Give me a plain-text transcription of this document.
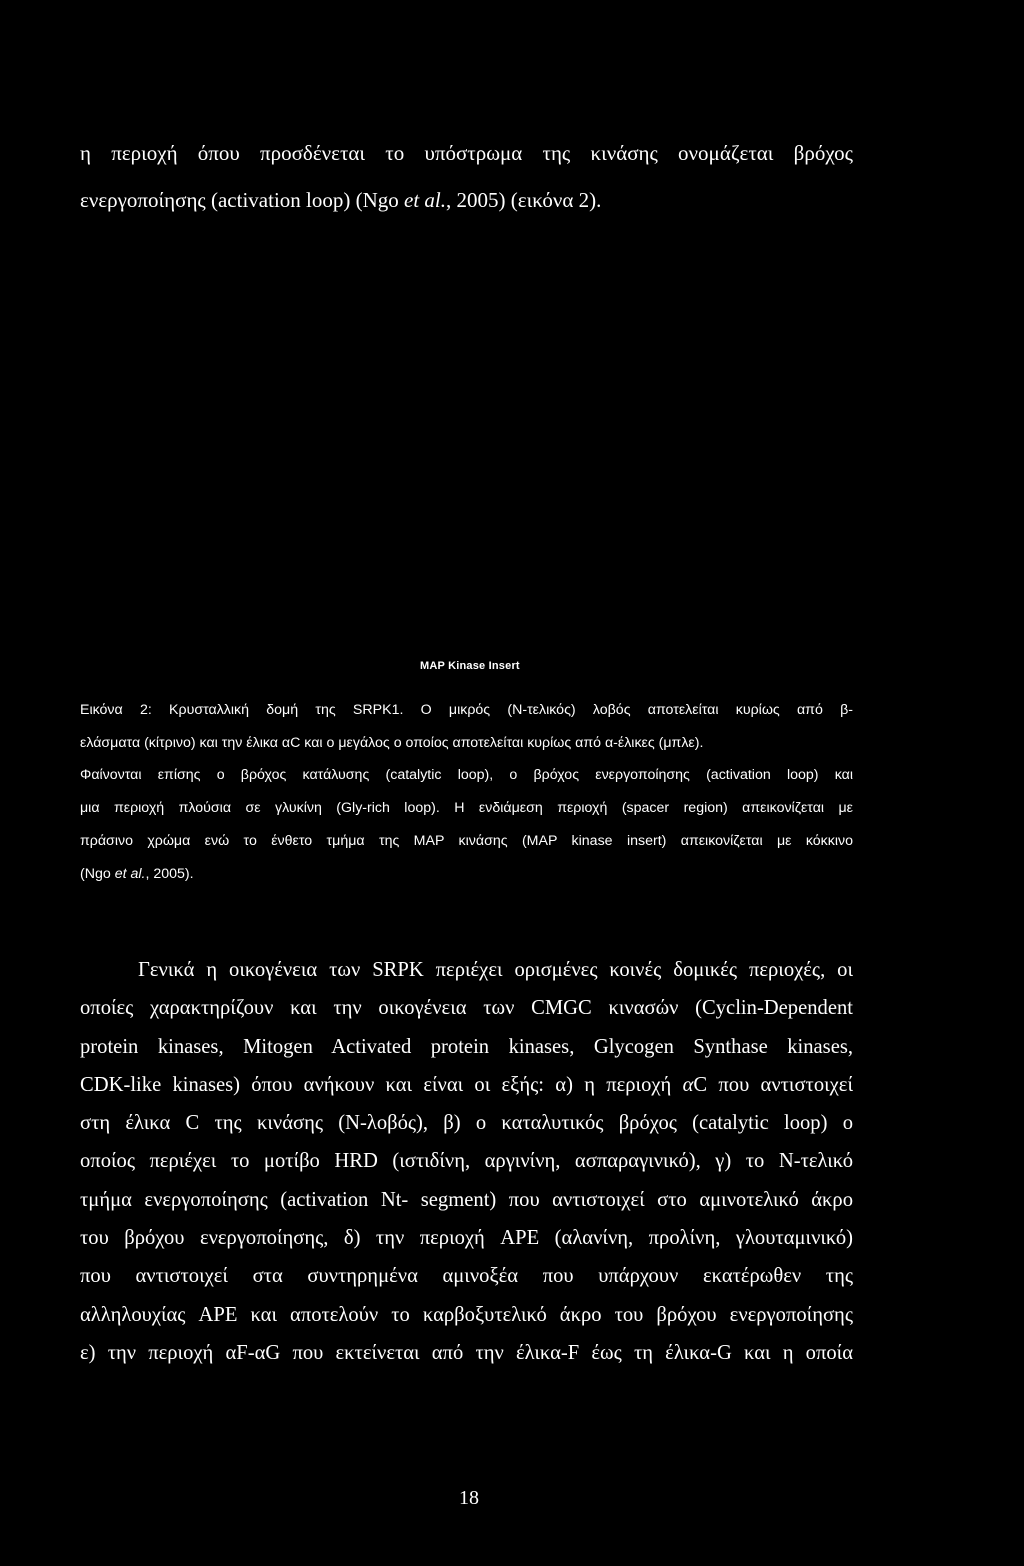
η περιοχή όπου προσδένεται το υπόστρωμα της κινάσης ονομάζεται βρόχος
ενεργοποίησης (activation loop) (Ngo et al., 2005) (εικόνα 2).
MAP Kinase Insert
Εικόνα 2: Κρυσταλλική δομή της SRPK1. Ο μικρός (N-τελικός) λοβός αποτελείται κυρίως από β-
ελάσματα (κίτρινο) και την έλικα αC και ο μεγάλος ο οποίος αποτελείται κυρίως από α-έλικες (μπλε).
Φαίνονται επίσης ο βρόχος κατάλυσης (catalytic loop), ο βρόχος ενεργοποίησης (activation loop) και
μια περιοχή πλούσια σε γλυκίνη (Gly-rich loop). Η ενδιάμεση περιοχή (spacer region) απεικονίζεται με
πράσινο χρώμα ενώ το ένθετο τμήμα της MAP κινάσης (MAP kinase insert) απεικονίζεται με κόκκινο
(Ngo et al., 2005).
Γενικά η οικογένεια των SRPK περιέχει ορισμένες κοινές δομικές περιοχές, οι
οποίες χαρακτηρίζουν και την οικογένεια των CMGC κινασών (Cyclin-Dependent
protein kinases, Mitogen Activated protein kinases, Glycogen Synthase kinases,
CDK-like kinases) όπου ανήκουν και είναι οι εξής: α) η περιοχή αC που αντιστοιχεί
στη έλικα C της κινάσης (N-λοβός), β) ο καταλυτικός βρόχος (catalytic loop) ο
οποίος περιέχει το μοτίβο HRD (ιστιδίνη, αργινίνη, ασπαραγινικό), γ) το N-τελικό
τμήμα ενεργοποίησης (activation Nt- segment) που αντιστοιχεί στο αμινοτελικό άκρο
του βρόχου ενεργοποίησης, δ) την περιοχή APE (αλανίνη, προλίνη, γλουταμινικό)
που αντιστοιχεί στα συντηρημένα αμινοξέα που υπάρχουν εκατέρωθεν της
αλληλουχίας APE και αποτελούν το καρβοξυτελικό άκρο του βρόχου ενεργοποίησης
ε) την περιοχή αF-αG που εκτείνεται από την έλικα-F έως τη έλικα-G και η οποία
18
